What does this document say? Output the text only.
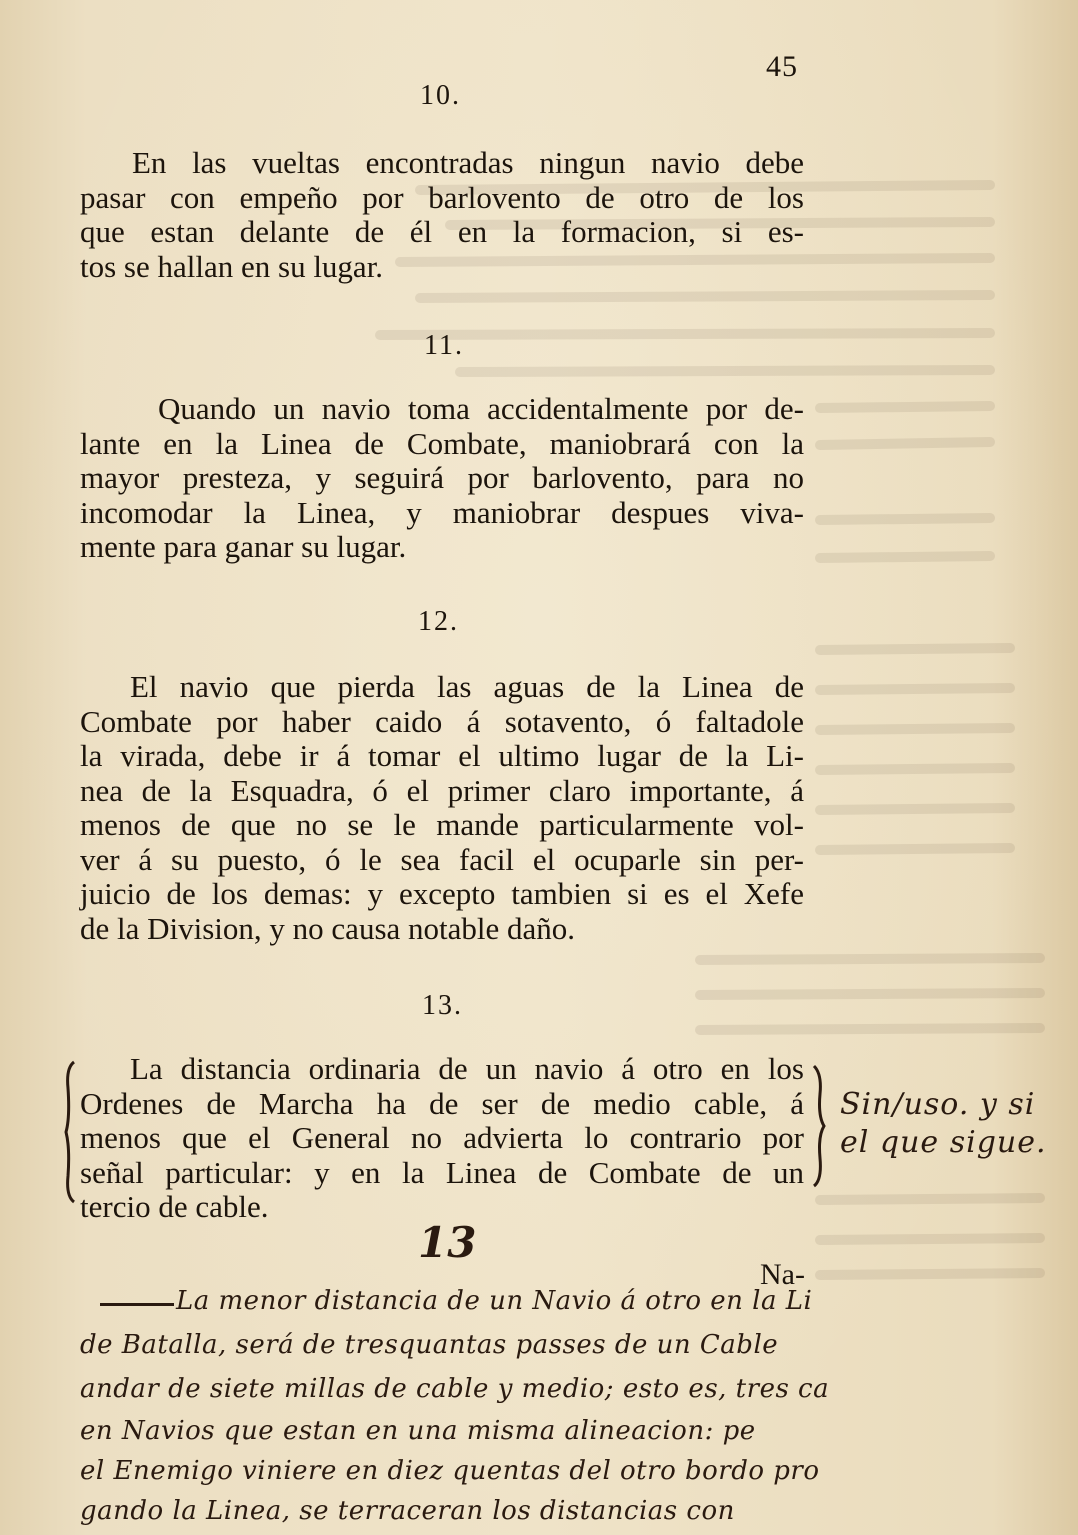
45
10.
En las vueltas encontradas ningun navio debe
pasar con empeño por barlovento de otro de los
que estan delante de él en la formacion, si es-
tos se hallan en su lugar.
11.
Quando un navio toma accidentalmente por de-
lante en la Linea de Combate, maniobrará con la
mayor presteza, y seguirá por barlovento, para no
incomodar la Linea, y maniobrar despues viva-
mente para ganar su lugar.
12.
El navio que pierda las aguas de la Linea de
Combate por haber caido á sotavento, ó faltadole
la virada, debe ir á tomar el ultimo lugar de la Li-
nea de la Esquadra, ó el primer claro importante, á
menos de que no se le mande particularmente vol-
ver á su puesto, ó le sea facil el ocuparle sin per-
juicio de los demas: y excepto tambien si es el Xefe
de la Division, y no causa notable daño.
13.
La distancia ordinaria de un navio á otro en los
Ordenes de Marcha ha de ser de medio cable, á
menos que el General no advierta lo contrario por
señal particular: y en la Linea de Combate de un
tercio de cable.
Sin/uso. y si
el que sigue.
13
Na-
La menor distancia de un Navio á otro en la Li
de Batalla, será de tresquantas passes de un Cable
andar de siete millas de cable y medio; esto es, tres ca
en Navios que estan en una misma alineacion: pe
el Enemigo viniere en diez quentas del otro bordo pro
gando la Linea, se terraceran los distancias con
